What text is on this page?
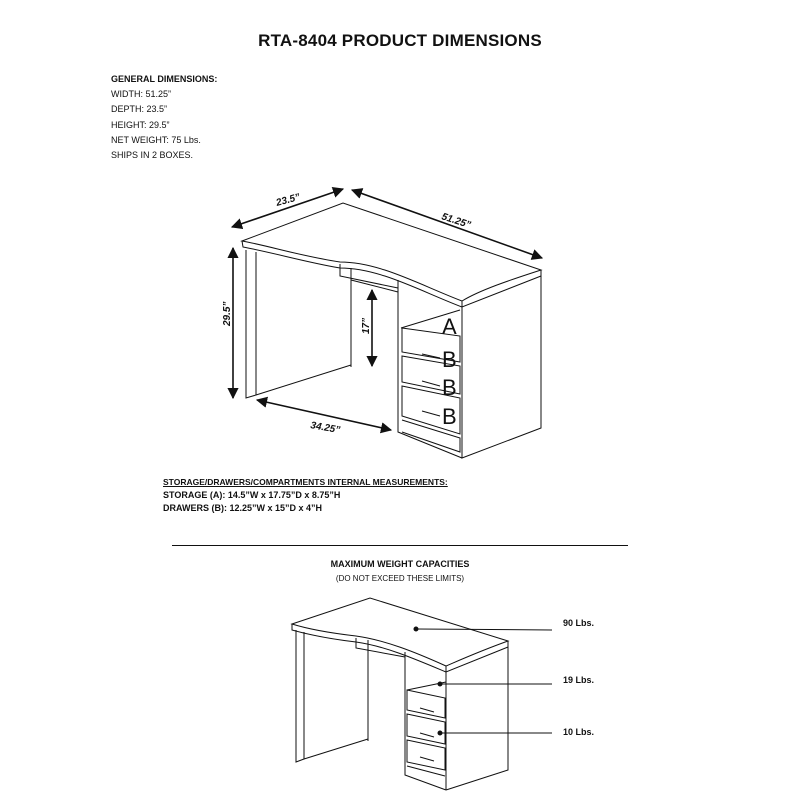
RTA-8404 PRODUCT DIMENSIONS
GENERAL DIMENSIONS:
WIDTH: 51.25”
DEPTH: 23.5”
HEIGHT: 29.5”
NET WEIGHT: 75 Lbs.
SHIPS IN 2 BOXES.
23.5”
51.25”
29.5”	17”
34.25”
A
B
B
B
STORAGE/DRAWERS/COMPARTMENTS INTERNAL MEASUREMENTS:
STORAGE (A): 14.5”W x 17.75”D x 8.75”H
DRAWERS (B): 12.25”W x 15”D x 4”H
MAXIMUM WEIGHT CAPACITIES
(DO NOT EXCEED THESE LIMITS)
90 Lbs.
19 Lbs.
10 Lbs.
